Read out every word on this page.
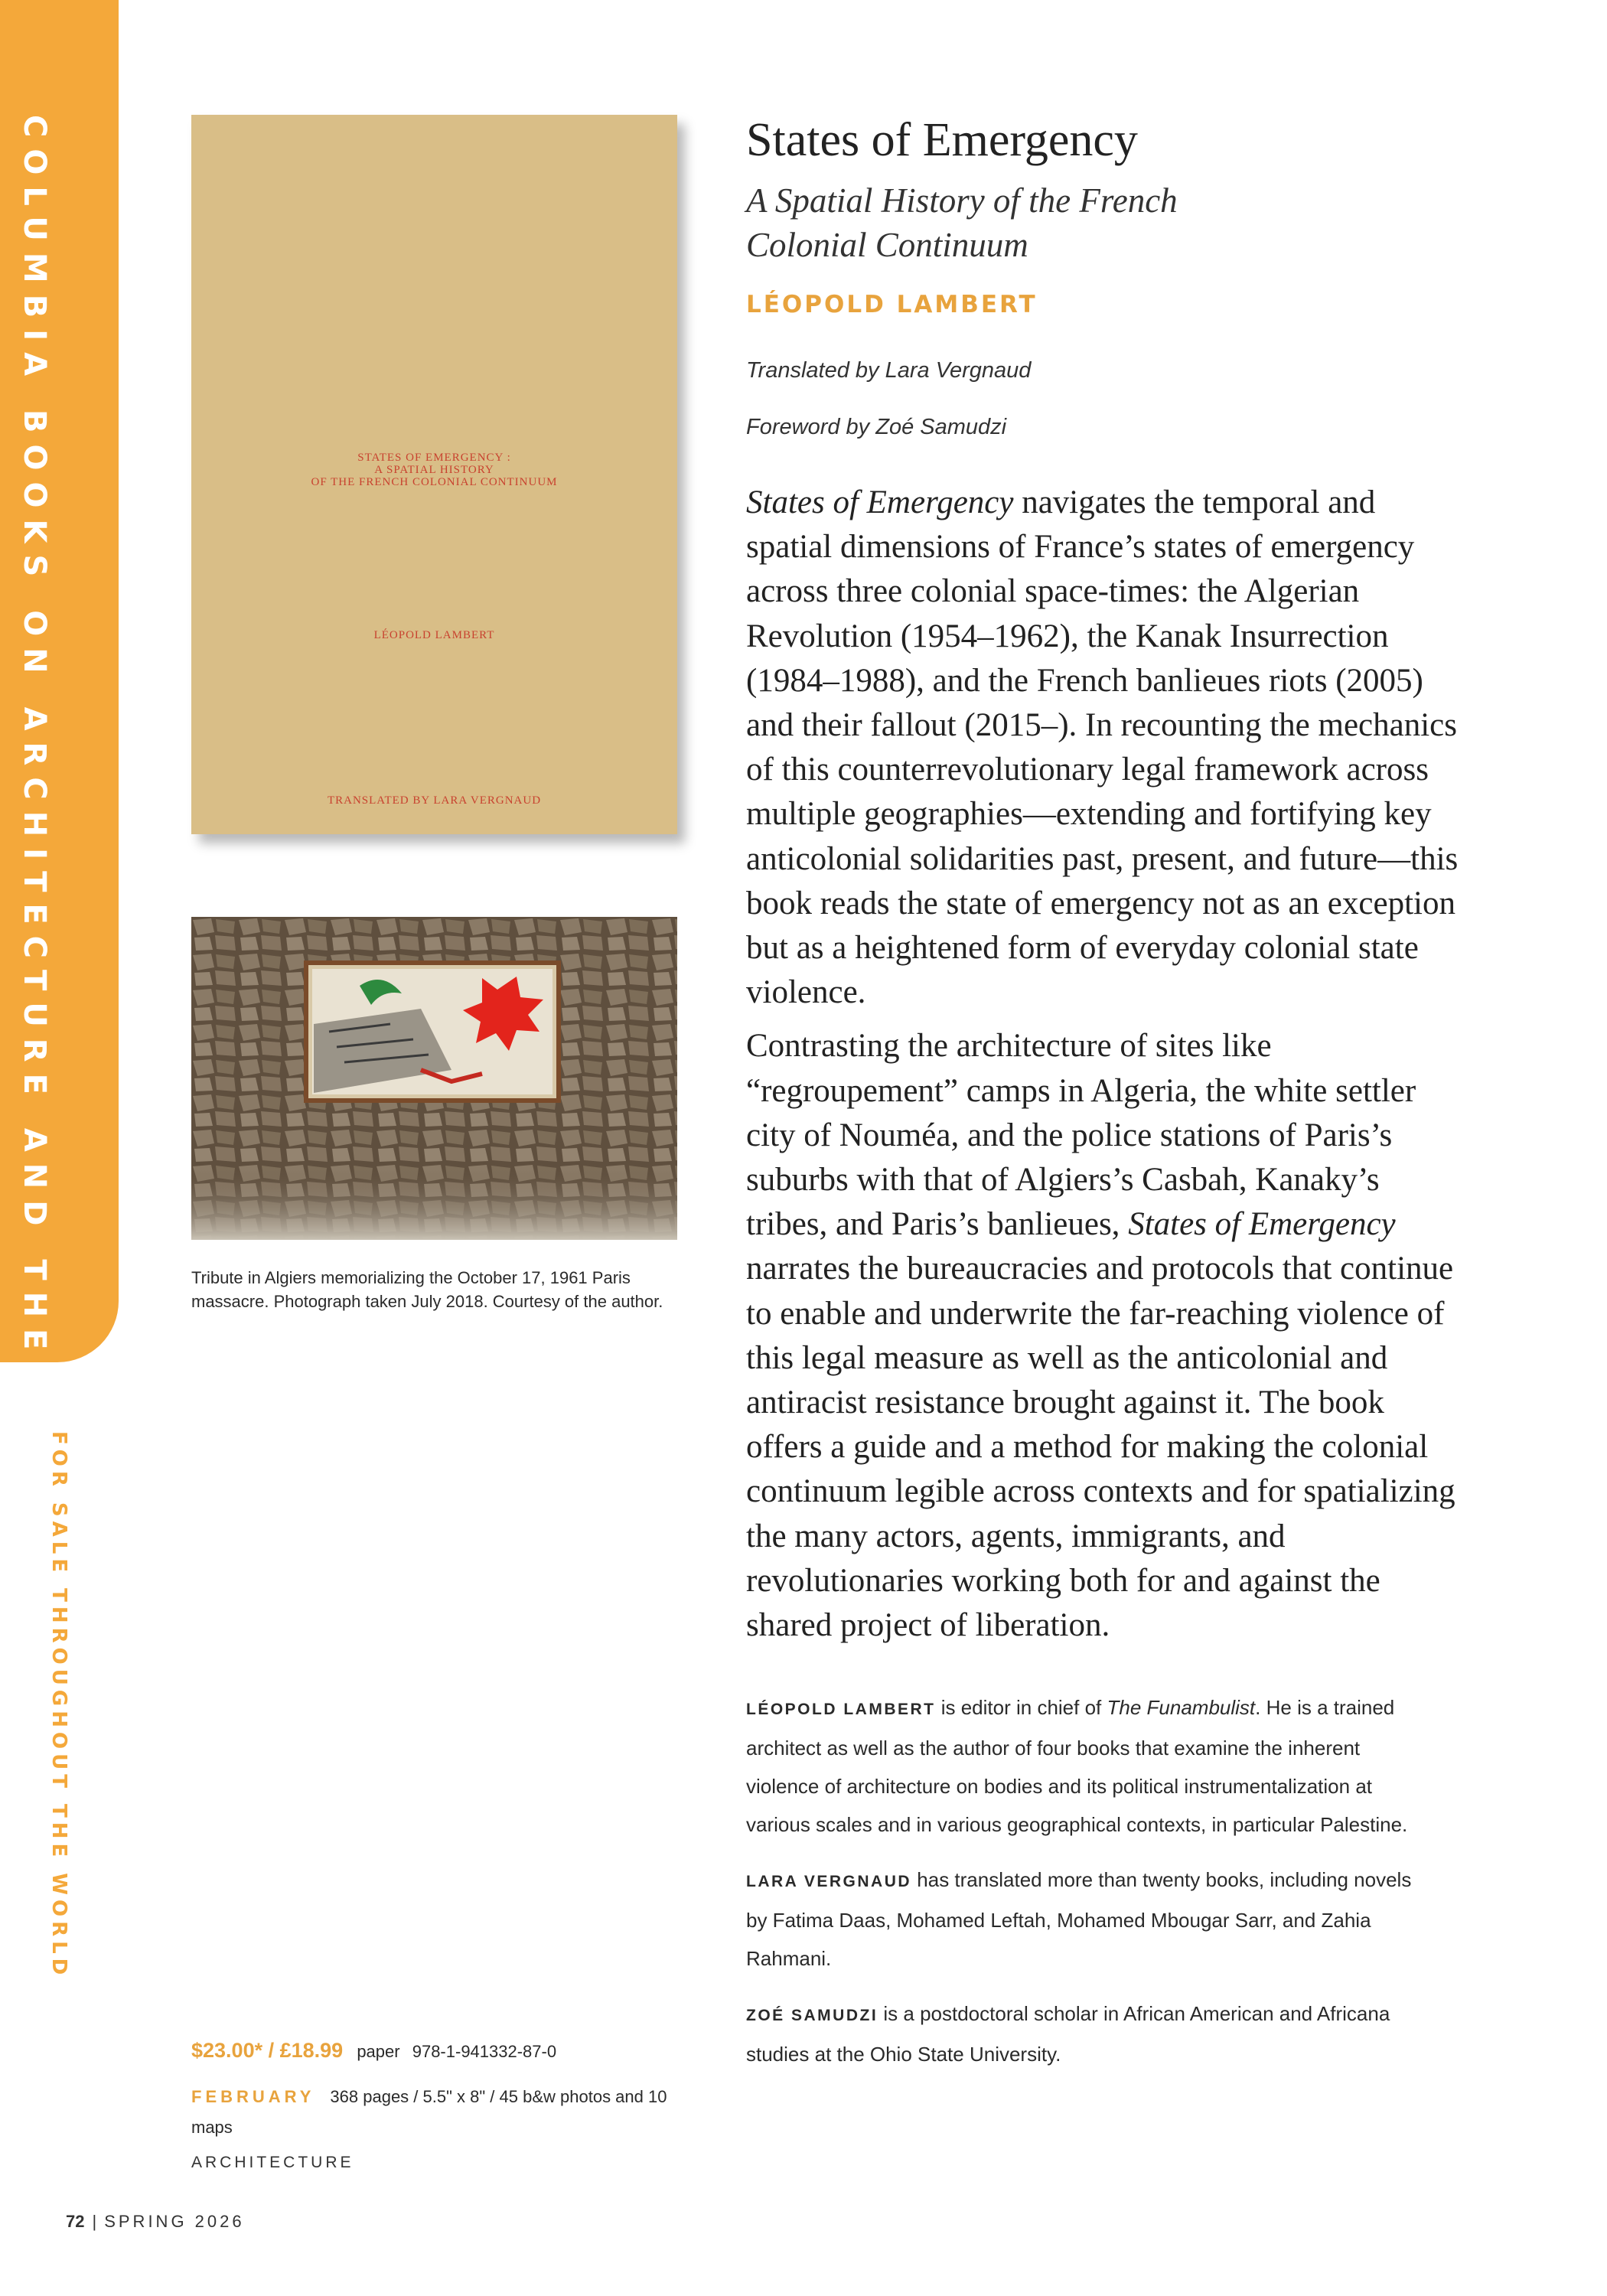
COLUMBIA BOOKS ON ARCHITECTURE AND THE CITY
FOR SALE THROUGHOUT THE WORLD
STATES OF EMERGENCY :
A SPATIAL HISTORY
OF THE FRENCH COLONIAL CONTINUUM
LÉOPOLD LAMBERT
TRANSLATED BY LARA VERGNAUD
Tribute in Algiers memorializing the October 17, 1961 Paris massacre. Photograph taken July 2018. Courtesy of the author.
States of Emergency
A Spatial History of the French
Colonial Continuum
LÉOPOLD LAMBERT
Translated by Lara Vergnaud
Foreword by Zoé Samudzi

States of Emergency navigates the temporal and spatial dimensions of France’s states of emergency across three colonial space-times: the Algerian Revolution (1954–1962), the Kanak Insurrection (1984–1988), and the French banlieues riots (2005) and their fallout (2015–). In recounting the mechanics of this counterrevolutionary legal framework across multiple geographies—extending and fortifying key anticolonial solidarities past, present, and future—this book reads the state of emergency not as an exception but as a heightened form of everyday colonial state violence.

Contrasting the architecture of sites like “regroupement” camps in Algeria, the white settler city of Nouméa, and the police stations of Paris’s suburbs with that of Algiers’s Casbah, Kanaky’s tribes, and Paris’s banlieues, States of Emergency narrates the bureaucracies and protocols that continue to enable and underwrite the far-reaching violence of this legal measure as well as the anticolonial and antiracist resistance brought against it. The book offers a guide and a method for making the colonial continuum legible across contexts and for spatializing the many actors, agents, immigrants, and revolutionaries working both for and against the shared project of liberation.

LÉOPOLD LAMBERT is editor in chief of The Funambulist. He is a trained architect as well as the author of four books that examine the inherent violence of architecture on bodies and its political instrumentalization at various scales and in various geographical contexts, in particular Palestine.

LARA VERGNAUD has translated more than twenty books, including novels by Fatima Daas, Mohamed Leftah, Mohamed Mbougar Sarr, and Zahia Rahmani.

ZOÉ SAMUDZI is a postdoctoral scholar in African American and Africana studies at the Ohio State University.

$23.00* / £18.99 paper 978-1-941332-87-0
FEBRUARY 368 pages / 5.5" x 8" / 45 b&w photos and 10 maps
ARCHITECTURE
72 | SPRING 2026
